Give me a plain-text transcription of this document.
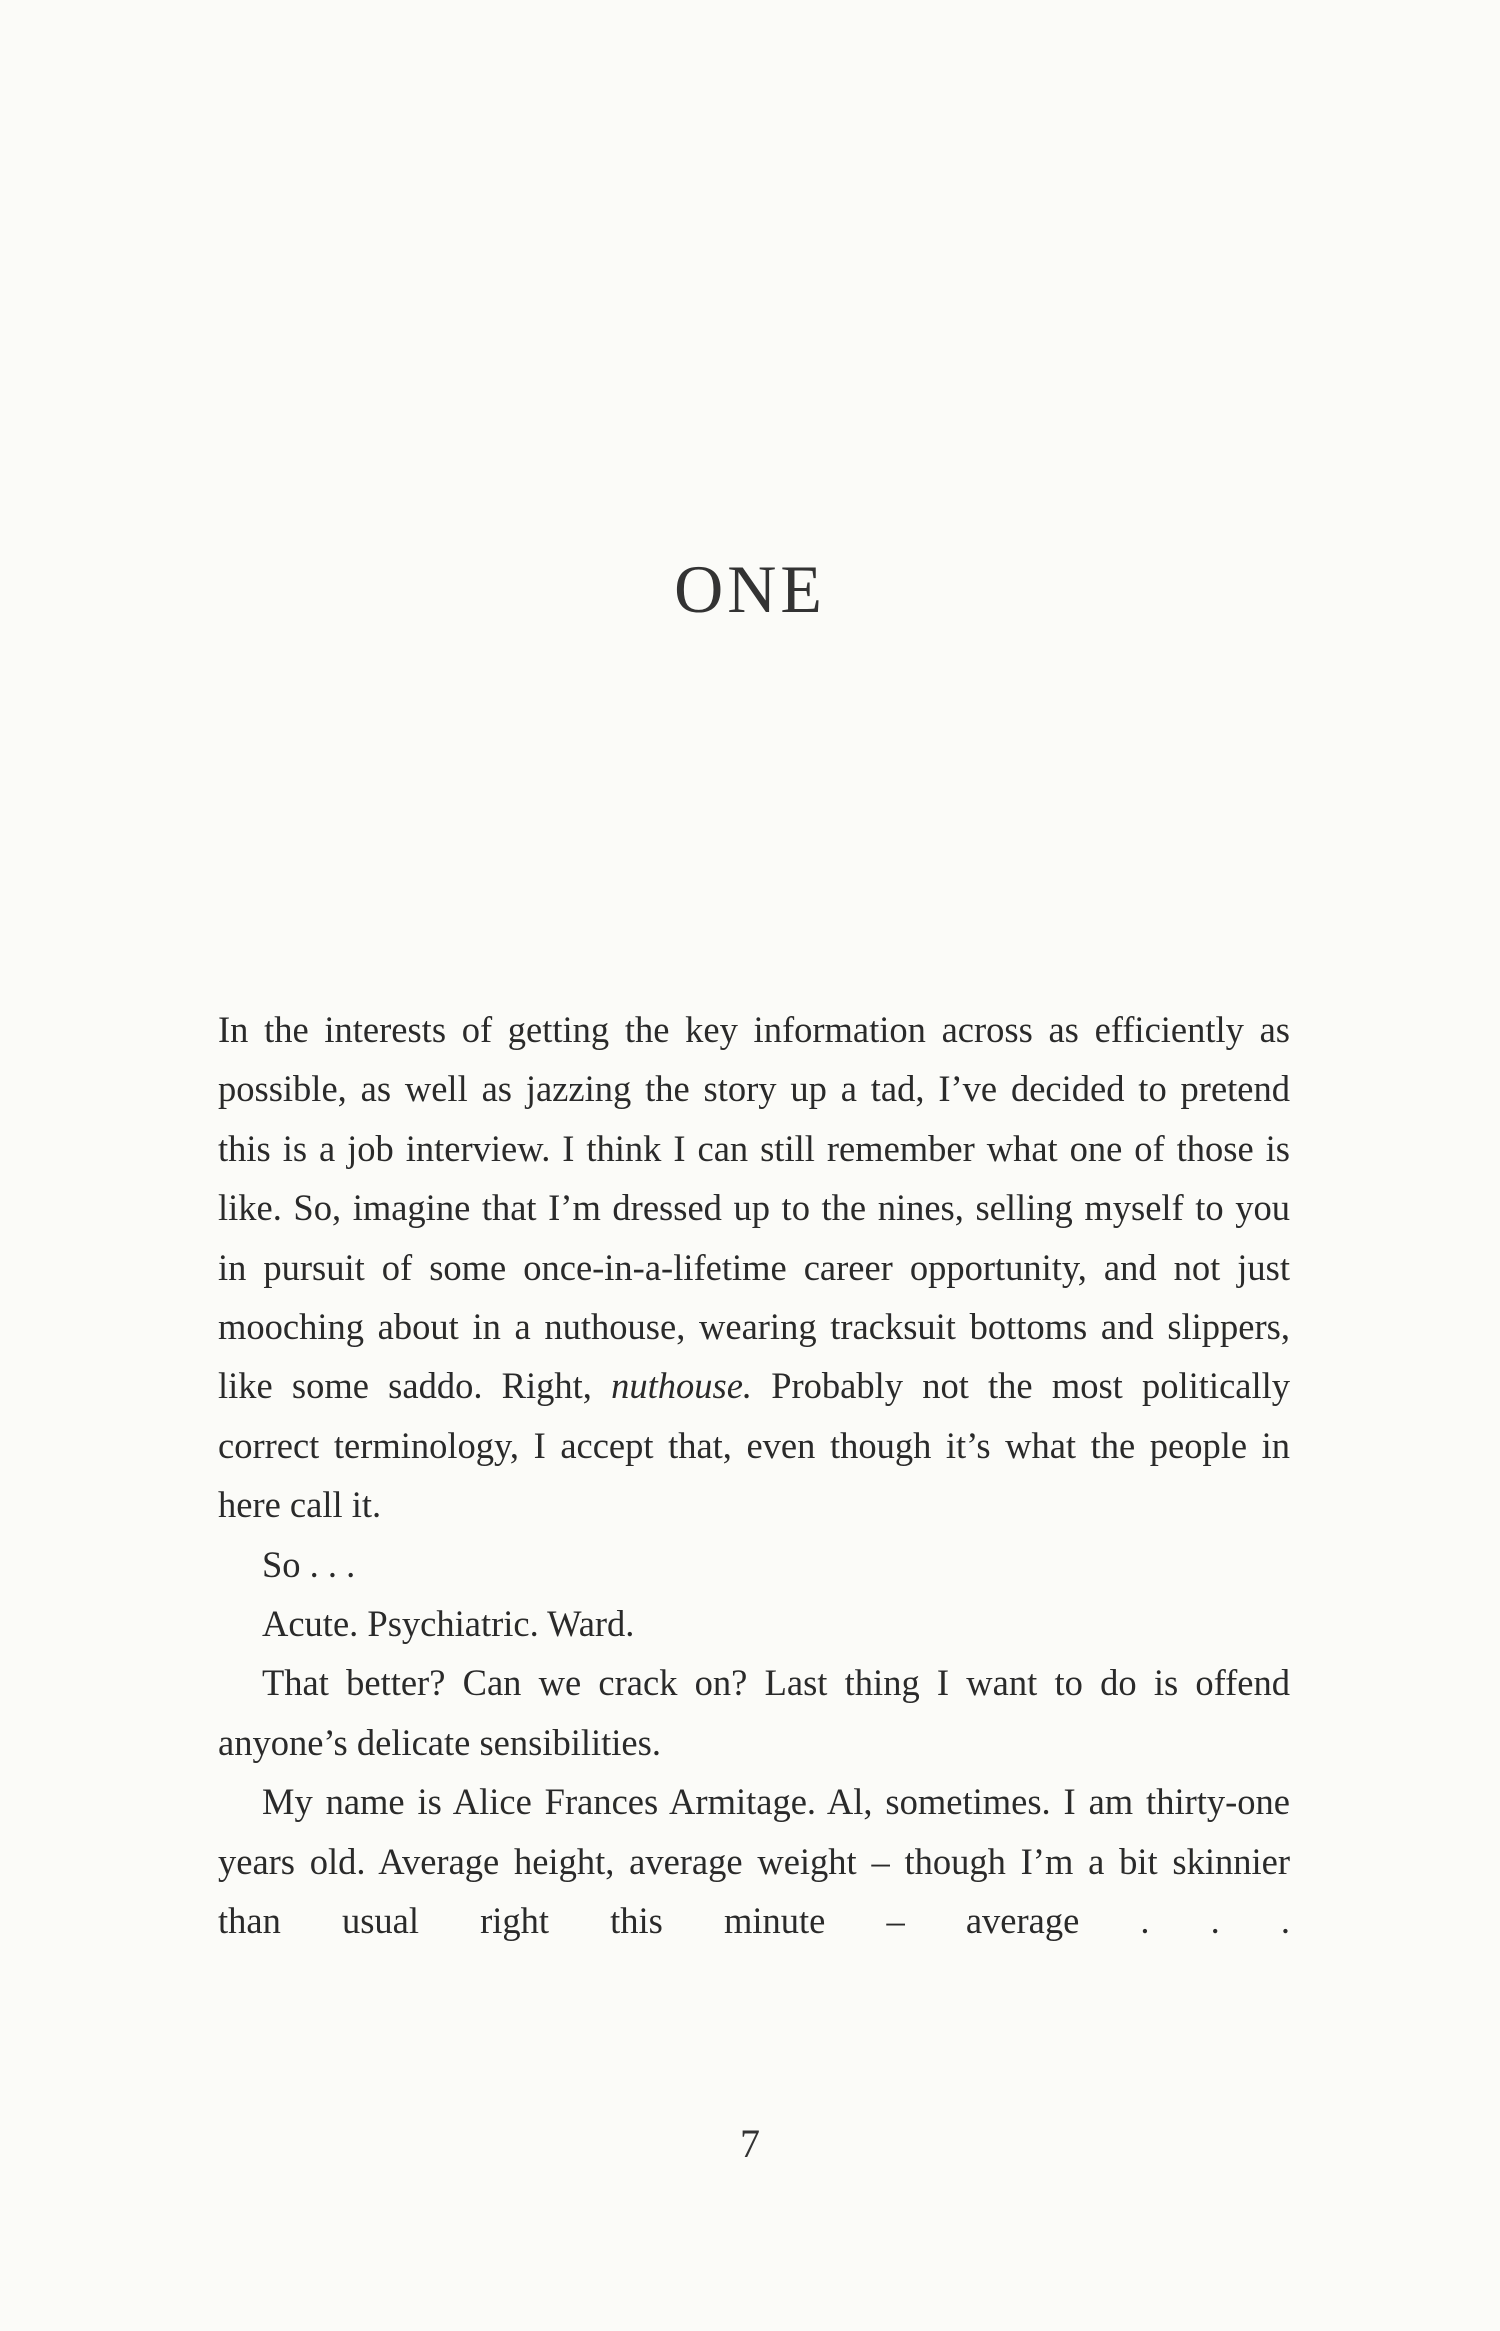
ONE

In the interests of getting the key information across as efficiently as possible, as well as jazzing the story up a tad, I’ve decided to pretend this is a job interview. I think I can still remember what one of those is like. So, imagine that I’m dressed up to the nines, selling myself to you in pursuit of some once-in-a-lifetime career opportunity, and not just mooching about in a nuthouse, wearing tracksuit bottoms and slippers, like some saddo. Right, nuthouse. Probably not the most politically correct terminology, I accept that, even though it’s what the people in here call it.

So . . .

Acute. Psychiatric. Ward.

That better? Can we crack on? Last thing I want to do is offend anyone’s delicate sensibilities.

My name is Alice Frances Armitage. Al, sometimes. I am thirty-one years old. Average height, average weight – though I’m a bit skinnier than usual right this minute – average . . .

7
